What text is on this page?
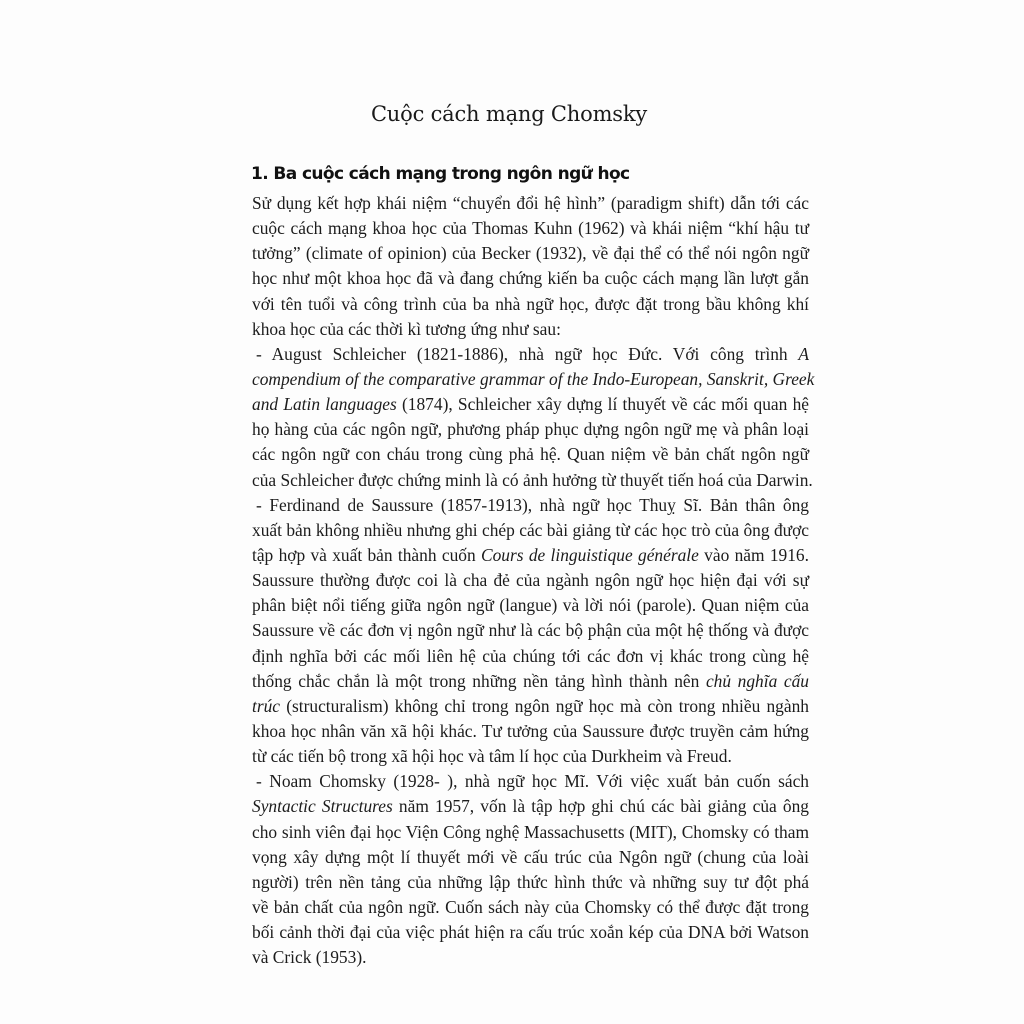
Cuộc cách mạng Chomsky
1. Ba cuộc cách mạng trong ngôn ngữ học
Sử dụng kết hợp khái niệm “chuyển đổi hệ hình” (paradigm shift) dẫn tới các
cuộc cách mạng khoa học của Thomas Kuhn (1962) và khái niệm “khí hậu tư
tưởng” (climate of opinion) của Becker (1932), về đại thể có thể nói ngôn ngữ
học như một khoa học đã và đang chứng kiến ba cuộc cách mạng lần lượt gắn
với tên tuổi và công trình của ba nhà ngữ học, được đặt trong bầu không khí
khoa học của các thời kì tương ứng như sau:
- August Schleicher (1821-1886), nhà ngữ học Đức. Với công trình A
compendium of the comparative grammar of the Indo-European, Sanskrit, Greek
and Latin languages (1874), Schleicher xây dựng lí thuyết về các mối quan hệ
họ hàng của các ngôn ngữ, phương pháp phục dựng ngôn ngữ mẹ và phân loại
các ngôn ngữ con cháu trong cùng phả hệ. Quan niệm về bản chất ngôn ngữ
của Schleicher được chứng minh là có ảnh hưởng từ thuyết tiến hoá của Darwin.
- Ferdinand de Saussure (1857-1913), nhà ngữ học Thuỵ Sĩ. Bản thân ông
xuất bản không nhiều nhưng ghi chép các bài giảng từ các học trò của ông được
tập hợp và xuất bản thành cuốn Cours de linguistique générale vào năm 1916.
Saussure thường được coi là cha đẻ của ngành ngôn ngữ học hiện đại với sự
phân biệt nổi tiếng giữa ngôn ngữ (langue) và lời nói (parole). Quan niệm của
Saussure về các đơn vị ngôn ngữ như là các bộ phận của một hệ thống và được
định nghĩa bởi các mối liên hệ của chúng tới các đơn vị khác trong cùng hệ
thống chắc chắn là một trong những nền tảng hình thành nên chủ nghĩa cấu
trúc (structuralism) không chỉ trong ngôn ngữ học mà còn trong nhiều ngành
khoa học nhân văn xã hội khác. Tư tưởng của Saussure được truyền cảm hứng
từ các tiến bộ trong xã hội học và tâm lí học của Durkheim và Freud.
- Noam Chomsky (1928- ), nhà ngữ học Mĩ. Với việc xuất bản cuốn sách
Syntactic Structures năm 1957, vốn là tập hợp ghi chú các bài giảng của ông
cho sinh viên đại học Viện Công nghệ Massachusetts (MIT), Chomsky có tham
vọng xây dựng một lí thuyết mới về cấu trúc của Ngôn ngữ (chung của loài
người) trên nền tảng của những lập thức hình thức và những suy tư đột phá
về bản chất của ngôn ngữ. Cuốn sách này của Chomsky có thể được đặt trong
bối cảnh thời đại của việc phát hiện ra cấu trúc xoắn kép của DNA bởi Watson
và Crick (1953).
